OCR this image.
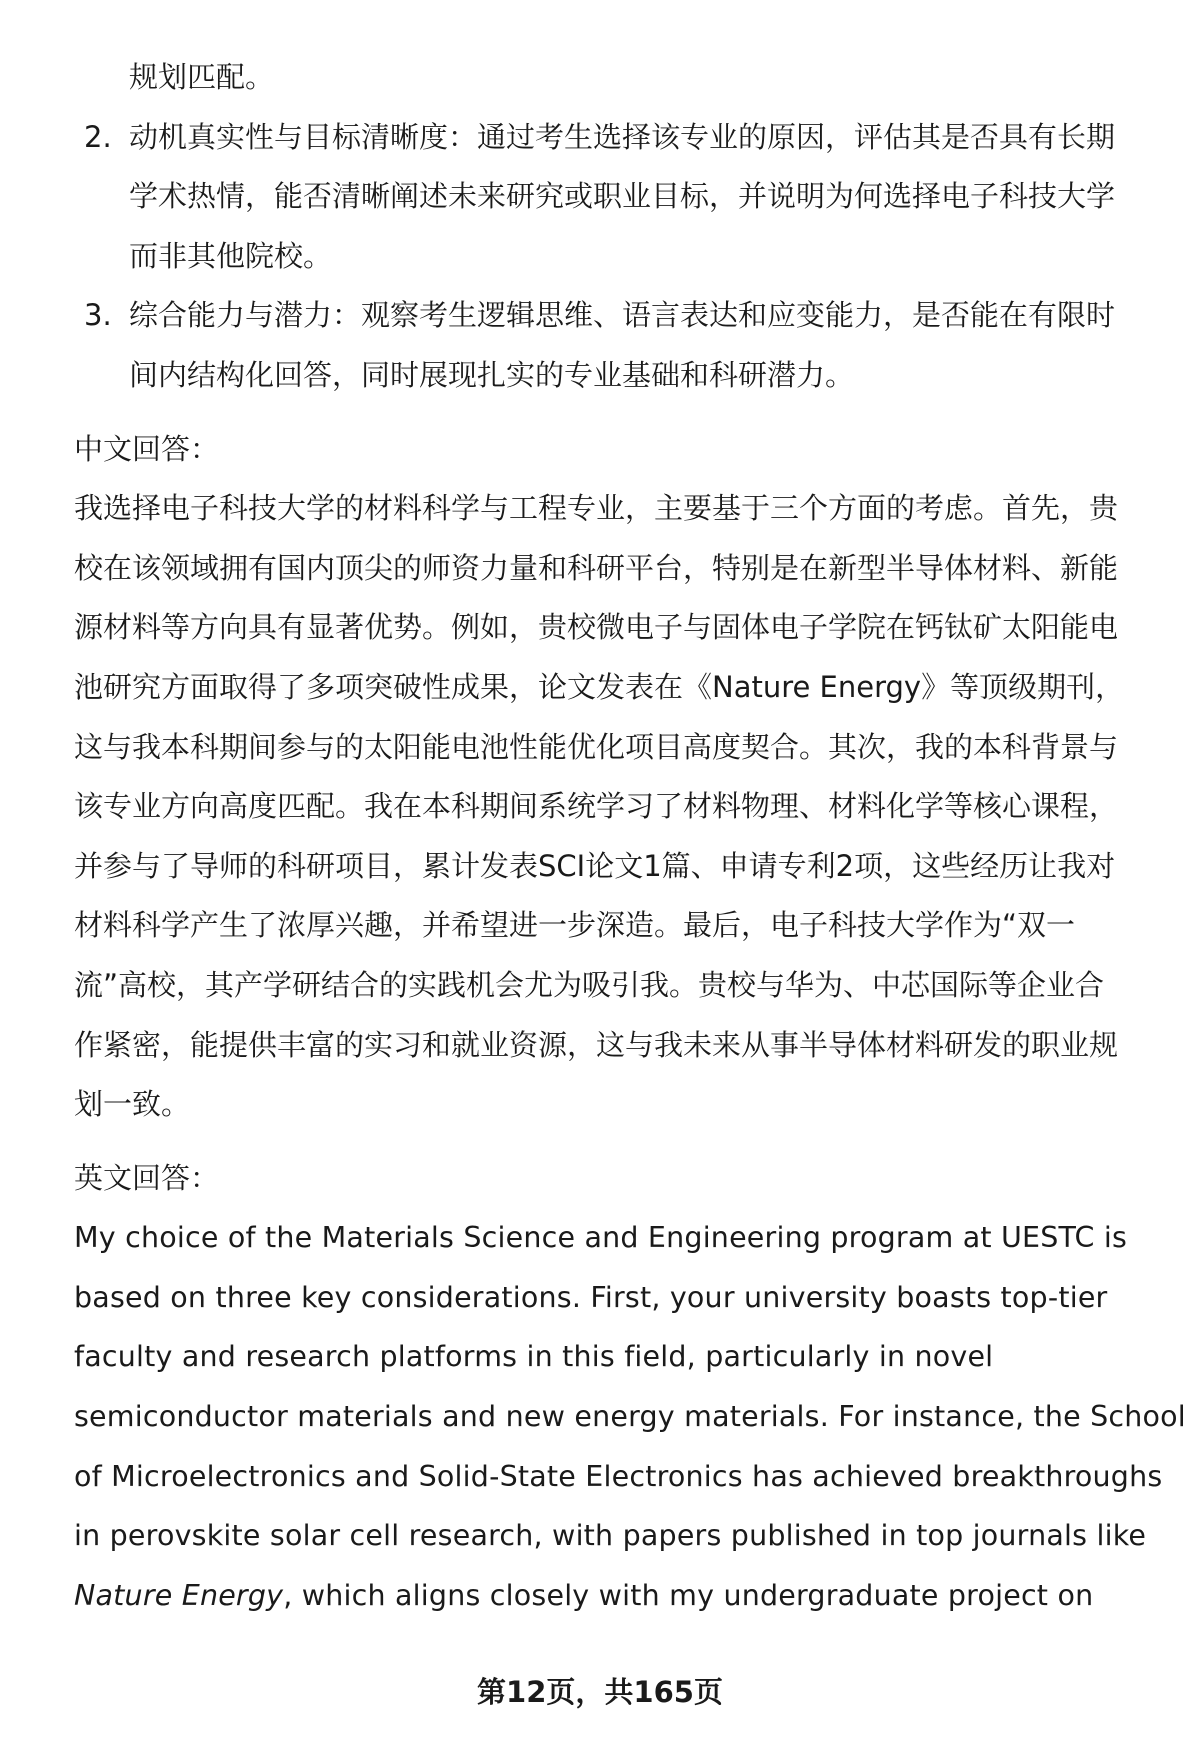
规划匹配。
2. 动机真实性与目标清晰度：通过考生选择该专业的原因，评估其是否具有长期
学术热情，能否清晰阐述未来研究或职业目标，并说明为何选择电子科技大学
而非其他院校。
3. 综合能力与潜力：观察考生逻辑思维、语言表达和应变能力，是否能在有限时
间内结构化回答，同时展现扎实的专业基础和科研潜力。
中文回答：
我选择电子科技大学的材料科学与工程专业，主要基于三个方面的考虑。首先，贵
校在该领域拥有国内顶尖的师资力量和科研平台，特别是在新型半导体材料、新能
源材料等方向具有显著优势。例如，贵校微电子与固体电子学院在钙钛矿太阳能电
池研究方面取得了多项突破性成果，论文发表在《Nature Energy》等顶级期刊，
这与我本科期间参与的太阳能电池性能优化项目高度契合。其次，我的本科背景与
该专业方向高度匹配。我在本科期间系统学习了材料物理、材料化学等核心课程，
并参与了导师的科研项目，累计发表SCI论文1篇、申请专利2项，这些经历让我对
材料科学产生了浓厚兴趣，并希望进一步深造。最后，电子科技大学作为“双一
流”高校，其产学研结合的实践机会尤为吸引我。贵校与华为、中芯国际等企业合
作紧密，能提供丰富的实习和就业资源，这与我未来从事半导体材料研发的职业规
划一致。
英文回答：
My choice of the Materials Science and Engineering program at UESTC is
based on three key considerations. First, your university boasts top-tier
faculty and research platforms in this field, particularly in novel
semiconductor materials and new energy materials. For instance, the School
of Microelectronics and Solid-State Electronics has achieved breakthroughs
in perovskite solar cell research, with papers published in top journals like
Nature Energy, which aligns closely with my undergraduate project on
第12页，共165页
